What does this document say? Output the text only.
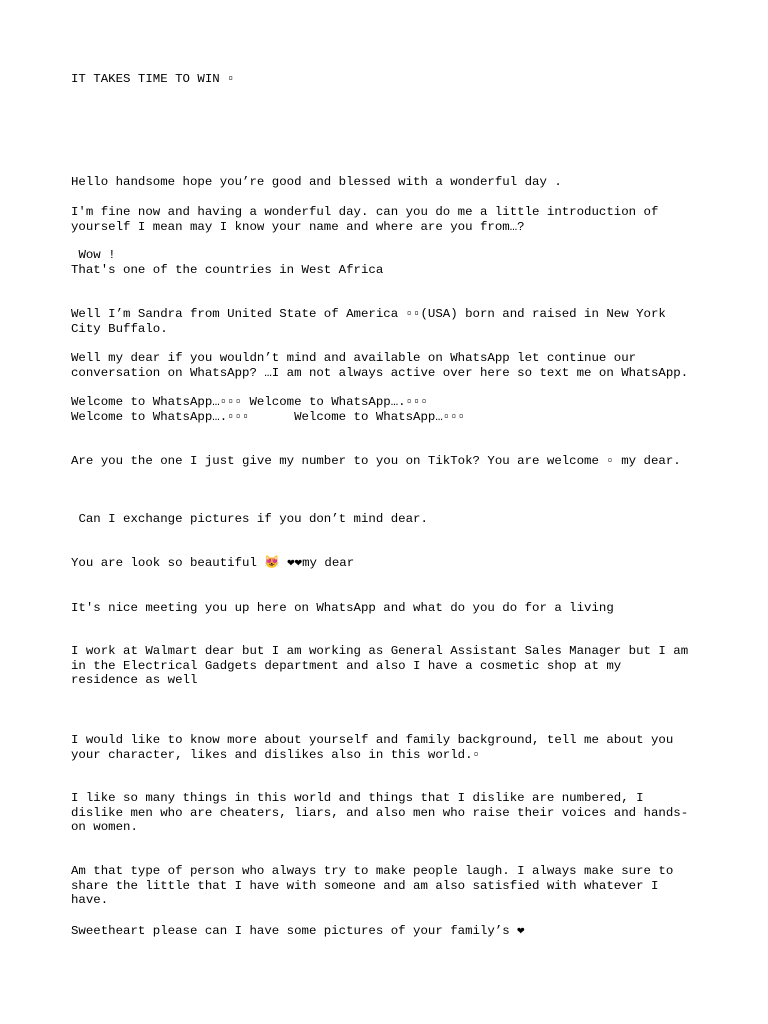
IT TAKES TIME TO WIN ▫
Hello handsome hope you’re good and blessed with a wonderful day .
I'm fine now and having a wonderful day. can you do me a little introduction of
yourself I mean may I know your name and where are you from…?
Wow !
That's one of the countries in West Africa
Well I’m Sandra from United State of America ▫▫(USA) born and raised in New York
City Buffalo.
Well my dear if you wouldn’t mind and available on WhatsApp let continue our
conversation on WhatsApp? …I am not always active over here so text me on WhatsApp.
Welcome to WhatsApp…▫▫▫ Welcome to WhatsApp….▫▫▫
Welcome to WhatsApp….▫▫▫      Welcome to WhatsApp…▫▫▫
Are you the one I just give my number to you on TikTok? You are welcome ▫ my dear.
Can I exchange pictures if you don’t mind dear.
You are look so beautiful 😻 ❤❤my dear
It's nice meeting you up here on WhatsApp and what do you do for a living
I work at Walmart dear but I am working as General Assistant Sales Manager but I am
in the Electrical Gadgets department and also I have a cosmetic shop at my
residence as well
I would like to know more about yourself and family background, tell me about you
your character, likes and dislikes also in this world.▫
I like so many things in this world and things that I dislike are numbered, I
dislike men who are cheaters, liars, and also men who raise their voices and hands-
on women.
Am that type of person who always try to make people laugh. I always make sure to
share the little that I have with someone and am also satisfied with whatever I
have.
Sweetheart please can I have some pictures of your family’s ❤
